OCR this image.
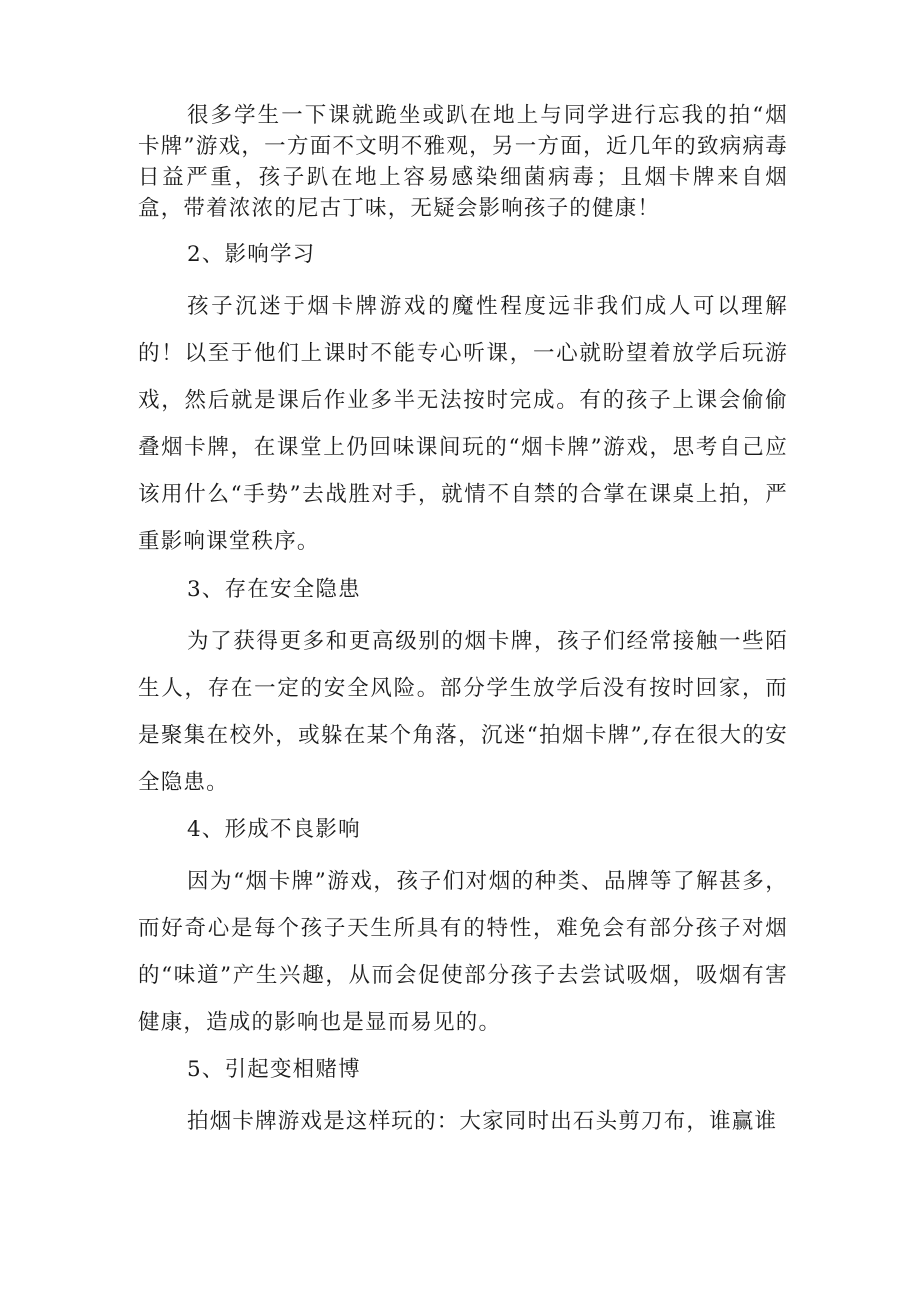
很多学生一下课就跪坐或趴在地上与同学进行忘我的拍“烟卡牌”游戏，一方面不文明不雅观，另一方面，近几年的致病病毒日益严重，孩子趴在地上容易感染细菌病毒；且烟卡牌来自烟盒，带着浓浓的尼古丁味，无疑会影响孩子的健康！

2、影响学习

孩子沉迷于烟卡牌游戏的魔性程度远非我们成人可以理解的！以至于他们上课时不能专心听课，一心就盼望着放学后玩游戏，然后就是课后作业多半无法按时完成。有的孩子上课会偷偷叠烟卡牌，在课堂上仍回味课间玩的“烟卡牌”游戏，思考自己应该用什么“手势”去战胜对手，就情不自禁的合掌在课桌上拍，严重影响课堂秩序。

3、存在安全隐患

为了获得更多和更高级别的烟卡牌，孩子们经常接触一些陌生人，存在一定的安全风险。部分学生放学后没有按时回家，而是聚集在校外，或躲在某个角落，沉迷“拍烟卡牌”,存在很大的安全隐患。

4、形成不良影响

因为“烟卡牌”游戏，孩子们对烟的种类、品牌等了解甚多，而好奇心是每个孩子天生所具有的特性，难免会有部分孩子对烟的“味道”产生兴趣，从而会促使部分孩子去尝试吸烟，吸烟有害健康，造成的影响也是显而易见的。

5、引起变相赌博

拍烟卡牌游戏是这样玩的：大家同时出石头剪刀布，谁赢谁
